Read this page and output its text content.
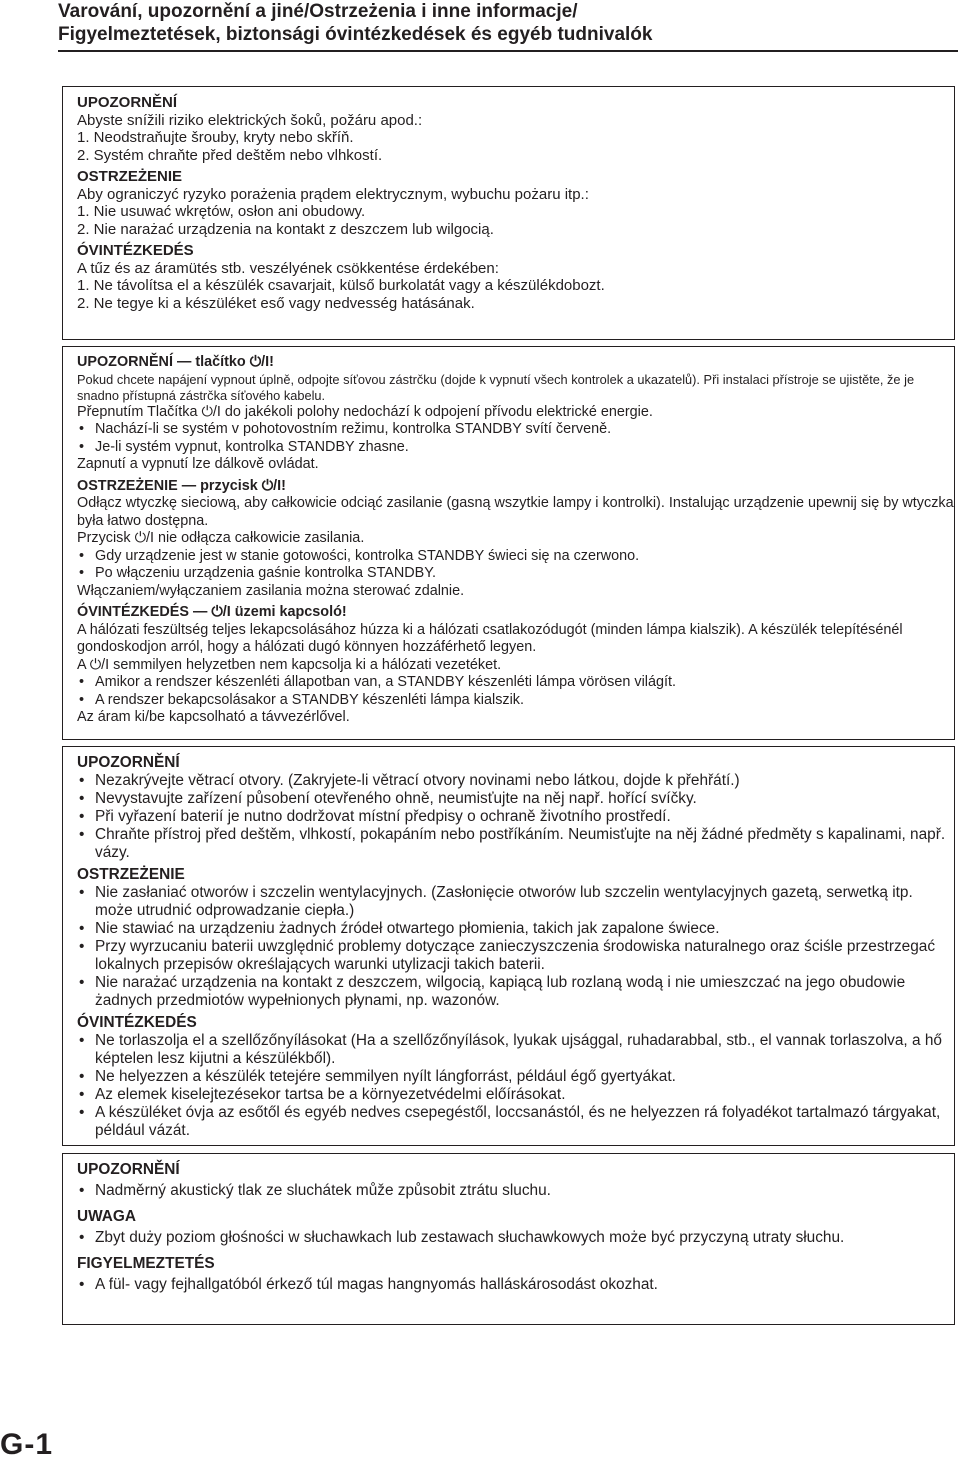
Varování, upozornění a jiné/Ostrzeżenia i inne informacje/
Figyelmeztetések, biztonsági óvintézkedések és egyéb tudnivalók

UPOZORNĚNÍ

Abyste snížili riziko elektrických šoků, požáru apod.:

1. Neodstraňujte šrouby, kryty nebo skříň.

2. Systém chraňte před deštěm nebo vlhkostí.

OSTRZEŻENIE

Aby ograniczyć ryzyko porażenia prądem elektrycznym, wybuchu pożaru itp.:

1. Nie usuwać wkrętów, osłon ani obudowy.

2. Nie narażać urządzenia na kontakt z deszczem lub wilgocią.

ÓVINTÉZKEDÉS

A tűz és az áramütés stb. veszélyének csökkentése érdekében:

1. Ne távolítsa el a készülék csavarjait, külső burkolatát vagy a készülékdobozt.

2. Ne tegye ki a készüléket eső vagy nedvesség hatásának.

UPOZORNĚNÍ — tlačítko ⏻/I!

Pokud chcete napájení vypnout úplně, odpojte síťovou zástrčku (dojde k vypnutí všech kontrolek a ukazatelů). Při instalaci přístroje se ujistěte, že je snadno přístupná zástrčka síťového kabelu.

Přepnutím Tlačítka ⏻/I do jakékoli polohy nedochází k odpojení přívodu elektrické energie.

• Nachází-li se systém v pohotovostním režimu, kontrolka STANDBY svítí červeně.
• Je-li systém vypnut, kontrolka STANDBY zhasne.

Zapnutí a vypnutí lze dálkově ovládat.

OSTRZEŻENIE — przycisk ⏻/I!

Odłącz wtyczkę sieciową, aby całkowicie odciąć zasilanie (gasną wszytkie lampy i kontrolki). Instalując urządzenie upewnij się by wtyczka była łatwo dostępna.

Przycisk ⏻/I nie odłącza całkowicie zasilania.

• Gdy urządzenie jest w stanie gotowości, kontrolka STANDBY świeci się na czerwono.
• Po włączeniu urządzenia gaśnie kontrolka STANDBY.

Włączaniem/wyłączaniem zasilania można sterować zdalnie.

ÓVINTÉZKEDÉS — ⏻/I üzemi kapcsoló!

A hálózati feszültség teljes lekapcsolásához húzza ki a hálózati csatlakozódugót (minden lámpa kialszik). A készülék telepítésénél gondoskodjon arról, hogy a hálózati dugó könnyen hozzáférhető legyen.

A ⏻/I semmilyen helyzetben nem kapcsolja ki a hálózati vezetéket.

• Amikor a rendszer készenléti állapotban van, a STANDBY készenléti lámpa vörösen világít.
• A rendszer bekapcsolásakor a STANDBY készenléti lámpa kialszik.

Az áram ki/be kapcsolható a távvezérlővel.

UPOZORNĚNÍ

• Nezakrývejte větrací otvory. (Zakryjete-li větrací otvory novinami nebo látkou, dojde k přehřátí.)
• Nevystavujte zařízení působení otevřeného ohně, neumisťujte na něj např. hořící svíčky.
• Při vyřazení baterií je nutno dodržovat místní předpisy o ochraně životního prostředí.
• Chraňte přístroj před deštěm, vlhkostí, pokapáním nebo postříkáním. Neumisťujte na něj žádné předměty s kapalinami, např. vázy.

OSTRZEŻENIE

• Nie zasłaniać otworów i szczelin wentylacyjnych. (Zasłonięcie otworów lub szczelin wentylacyjnych gazetą, serwetką itp. może utrudnić odprowadzanie ciepła.)
• Nie stawiać na urządzeniu żadnych źródeł otwartego płomienia, takich jak zapalone świece.
• Przy wyrzucaniu baterii uwzględnić problemy dotyczące zanieczyszczenia środowiska naturalnego oraz ściśle przestrzegać lokalnych przepisów określających warunki utylizacji takich baterii.
• Nie narażać urządzenia na kontakt z deszczem, wilgocią, kapiącą lub rozlaną wodą i nie umieszczać na jego obudowie żadnych przedmiotów wypełnionych płynami, np. wazonów.

ÓVINTÉZKEDÉS

• Ne torlaszolja el a szellőzőnyílásokat (Ha a szellőzőnyílások, lyukak ujsággal, ruhadarabbal, stb., el vannak torlaszolva, a hő képtelen lesz kijutni a készülékből).
• Ne helyezzen a készülék tetejére semmilyen nyílt lángforrást, például égő gyertyákat.
• Az elemek kiselejtezésekor tartsa be a környezetvédelmi előírásokat.
• A készüléket óvja az esőtől és egyéb nedves csepegéstől, loccsanástól, és ne helyezzen rá folyadékot tartalmazó tárgyakat, például vázát.

UPOZORNĚNÍ

• Nadměrný akustický tlak ze sluchátek může způsobit ztrátu sluchu.

UWAGA

• Zbyt duży poziom głośności w słuchawkach lub zestawach słuchawkowych może być przyczyną utraty słuchu.

FIGYELMEZTETÉS

• A fül- vagy fejhallgatóból érkező túl magas hangnyomás halláskárosodást okozhat.
G-1
